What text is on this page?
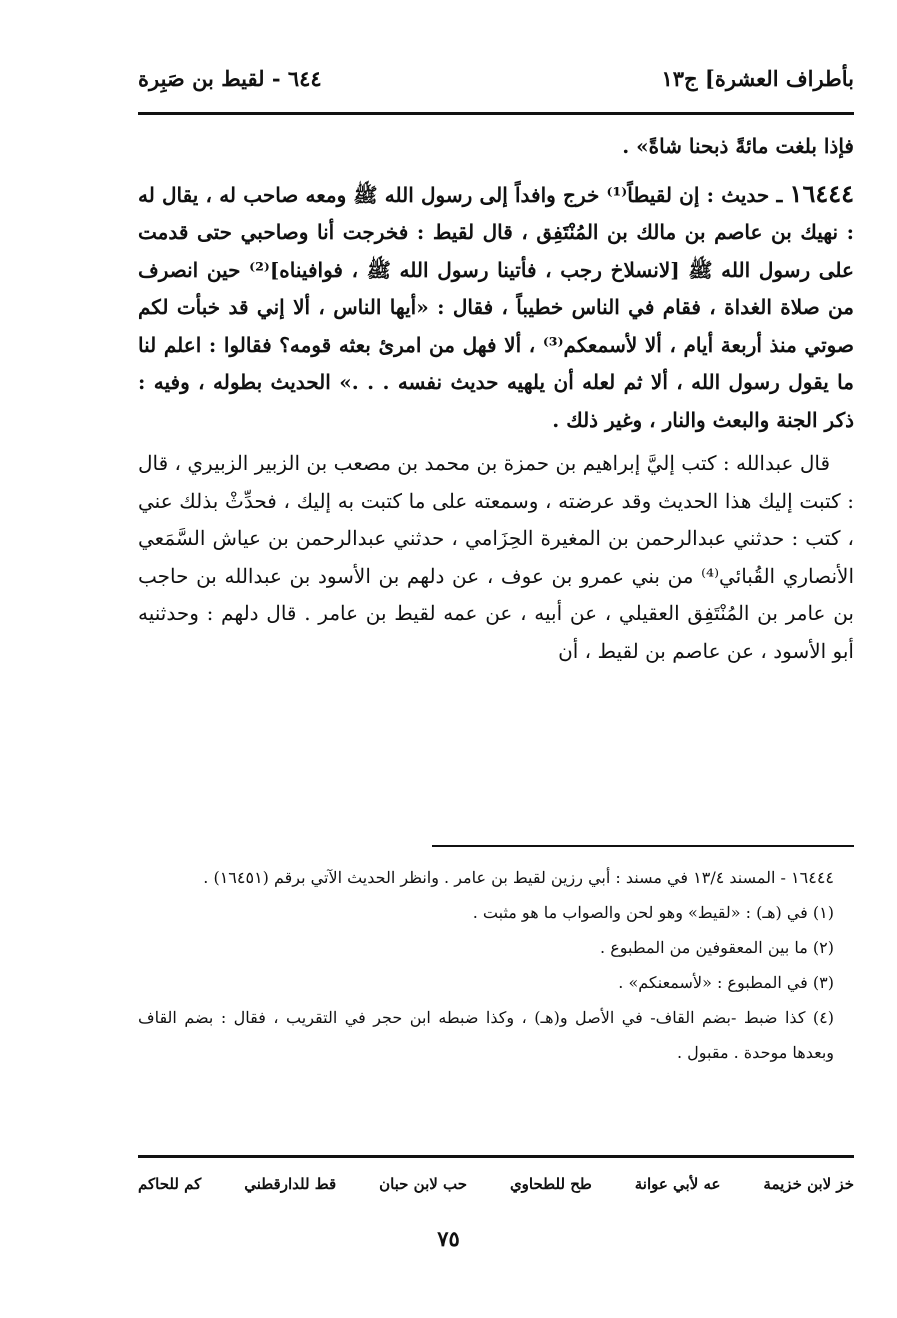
بأطراف العشرة] ج١٣
٦٤٤ - لقيط بن صَبِرة

فإذا بلغت مائةً ذبحنا شاةً» .

١٦٤٤٤ ـ حديث : إن لقيطاً⁽¹⁾ خرج وافداً إلى رسول الله ﷺ ومعه صاحب له ، يقال له : نهيك بن عاصم بن مالك بن المُنْتَفِق ، قال لقيط : فخرجت أنا وصاحبي حتى قدمت على رسول الله ﷺ [لانسلاخ رجب ، فأتينا رسول الله ﷺ ، فوافيناه]⁽²⁾ حين انصرف من صلاة الغداة ، فقام في الناس خطيباً ، فقال : «أيها الناس ، ألا إني قد خبأت لكم صوتي منذ أربعة أيام ، ألا لأسمعكم⁽³⁾ ، ألا فهل من امرئ بعثه قومه؟ فقالوا : اعلم لنا ما يقول رسول الله ، ألا ثم لعله أن يلهيه حديث نفسه . . .» الحديث بطوله ، وفيه : ذكر الجنة والبعث والنار ، وغير ذلك .

قال عبدالله : كتب إليَّ إبراهيم بن حمزة بن محمد بن مصعب بن الزبير الزبيري ، قال : كتبت إليك هذا الحديث وقد عرضته ، وسمعته على ما كتبت به إليك ، فحدِّثْ بذلك عني ، كتب : حدثني عبدالرحمن بن المغيرة الحِزَامي ، حدثني عبدالرحمن بن عياش السَّمَعي الأنصاري القُبائي⁽⁴⁾ من بني عمرو بن عوف ، عن دلهم بن الأسود بن عبدالله بن حاجب بن عامر بن المُنْتَفِق العقيلي ، عن أبيه ، عن عمه لقيط بن عامر . قال دلهم : وحدثنيه أبو الأسود ، عن عاصم بن لقيط ، أن

١٦٤٤٤ - المسند ١٣/٤ في مسند : أبي رزين لقيط بن عامر . وانظر الحديث الآتي برقم (١٦٤٥١) .

(١) في (هـ) : «لقيط» وهو لحن والصواب ما هو مثبت .

(٢) ما بين المعقوفين من المطبوع .

(٣) في المطبوع : «لأسمعنكم» .

(٤) كذا ضبط -بضم القاف- في الأصل و(هـ) ، وكذا ضبطه ابن حجر في التقريب ، فقال : بضم القاف وبعدها موحدة . مقبول .

خز لابن خزيمة
عه لأبي عوانة
طح للطحاوي
حب لابن حبان
قط للدارقطني
كم للحاكم
٧٥
